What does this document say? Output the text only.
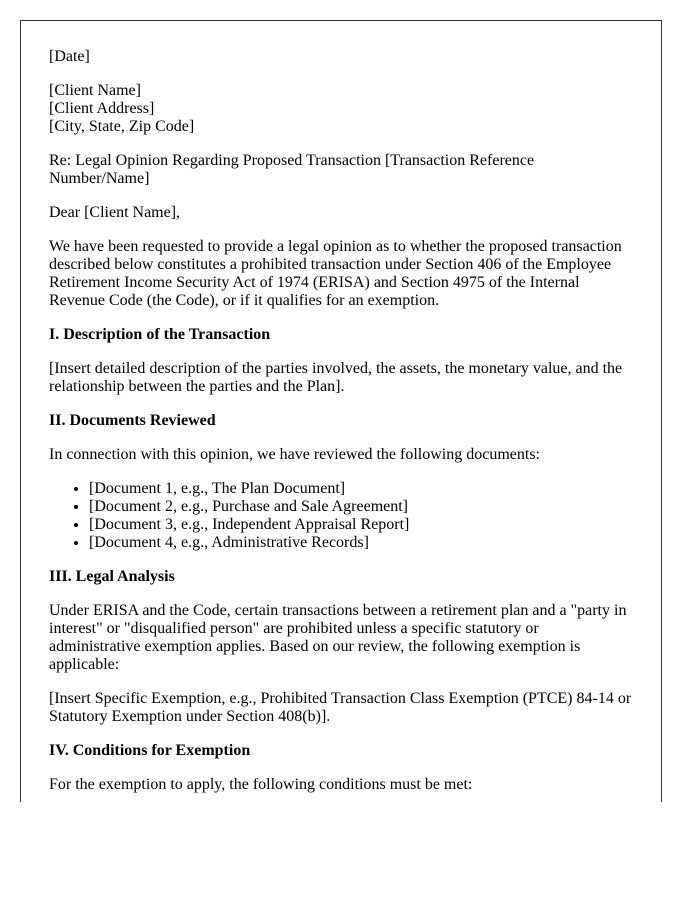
[Date]

[Client Name]
[Client Address]
[City, State, Zip Code]

Re: Legal Opinion Regarding Proposed Transaction [Transaction Reference Number/Name]

Dear [Client Name],

We have been requested to provide a legal opinion as to whether the proposed transaction described below constitutes a prohibited transaction under Section 406 of the Employee Retirement Income Security Act of 1974 (ERISA) and Section 4975 of the Internal Revenue Code (the Code), or if it qualifies for an exemption.

I. Description of the Transaction

[Insert detailed description of the parties involved, the assets, the monetary value, and the relationship between the parties and the Plan].

II. Documents Reviewed

In connection with this opinion, we have reviewed the following documents:

• [Document 1, e.g., The Plan Document]
• [Document 2, e.g., Purchase and Sale Agreement]
• [Document 3, e.g., Independent Appraisal Report]
• [Document 4, e.g., Administrative Records]
III. Legal Analysis

Under ERISA and the Code, certain transactions between a retirement plan and a "party in interest" or "disqualified person" are prohibited unless a specific statutory or administrative exemption applies. Based on our review, the following exemption is applicable:

[Insert Specific Exemption, e.g., Prohibited Transaction Class Exemption (PTCE) 84-14 or Statutory Exemption under Section 408(b)].

IV. Conditions for Exemption

For the exemption to apply, the following conditions must be met:
